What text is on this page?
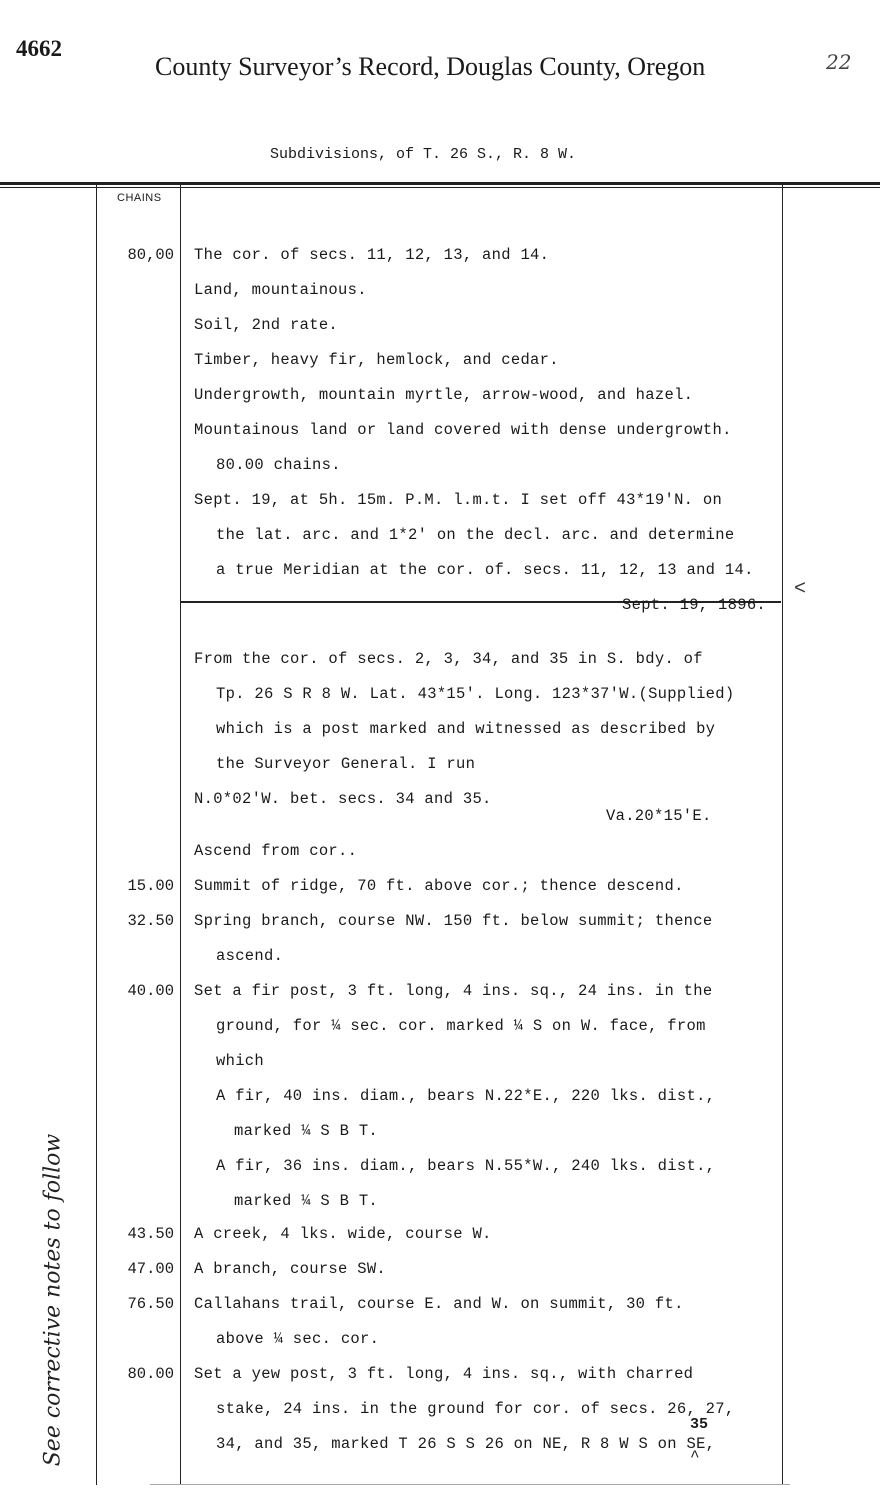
4662
County Surveyor’s Record, Douglas County, Oregon	22
Subdivisions, of T. 26 S., R. 8 W.
CHAINS
80,00 The cor. of secs. 11, 12, 13, and 14.
Land, mountainous.
Soil, 2nd rate.
Timber, heavy fir, hemlock, and cedar.
Undergrowth, mountain myrtle, arrow-wood, and hazel.
Mountainous land or land covered with dense undergrowth.
80.00 chains.
Sept. 19, at 5h. 15m. P.M. l.m.t. I set off 43*19'N. on
the lat. arc. and 1*2' on the decl. arc. and determine
a true Meridian at the cor. of. secs. 11, 12, 13 and 14.
Sept. 19, 1896.
<
From the cor. of secs. 2, 3, 34, and 35 in S. bdy. of
Tp. 26 S R 8 W. Lat. 43*15'. Long. 123*37'W.(Supplied)
which is a post marked and witnessed as described by
the Surveyor General. I run
N.0*02'W. bet. secs. 34 and 35.
Va.20*15'E.
Ascend from cor..
15.00 Summit of ridge, 70 ft. above cor.; thence descend.
32.50 Spring branch, course NW. 150 ft. below summit; thence
ascend.
40.00 Set a fir post, 3 ft. long, 4 ins. sq., 24 ins. in the
ground, for ¼ sec. cor. marked ¼ S on W. face, from
which
A fir, 40 ins. diam., bears N.22*E., 220 lks. dist.,
marked ¼ S B T.
A fir, 36 ins. diam., bears N.55*W., 240 lks. dist.,
marked ¼ S B T.
43.50 A creek, 4 lks. wide, course W.
47.00 A branch, course SW.
76.50 Callahans trail, course E. and W. on summit, 30 ft.
above ¼ sec. cor.
80.00 Set a yew post, 3 ft. long, 4 ins. sq., with charred
stake, 24 ins. in the ground for cor. of secs. 26, 27,
34, and 35, marked T 26 S S 26 on NE, R 8 W S on SE,
35
^
See corrective notes to follow
